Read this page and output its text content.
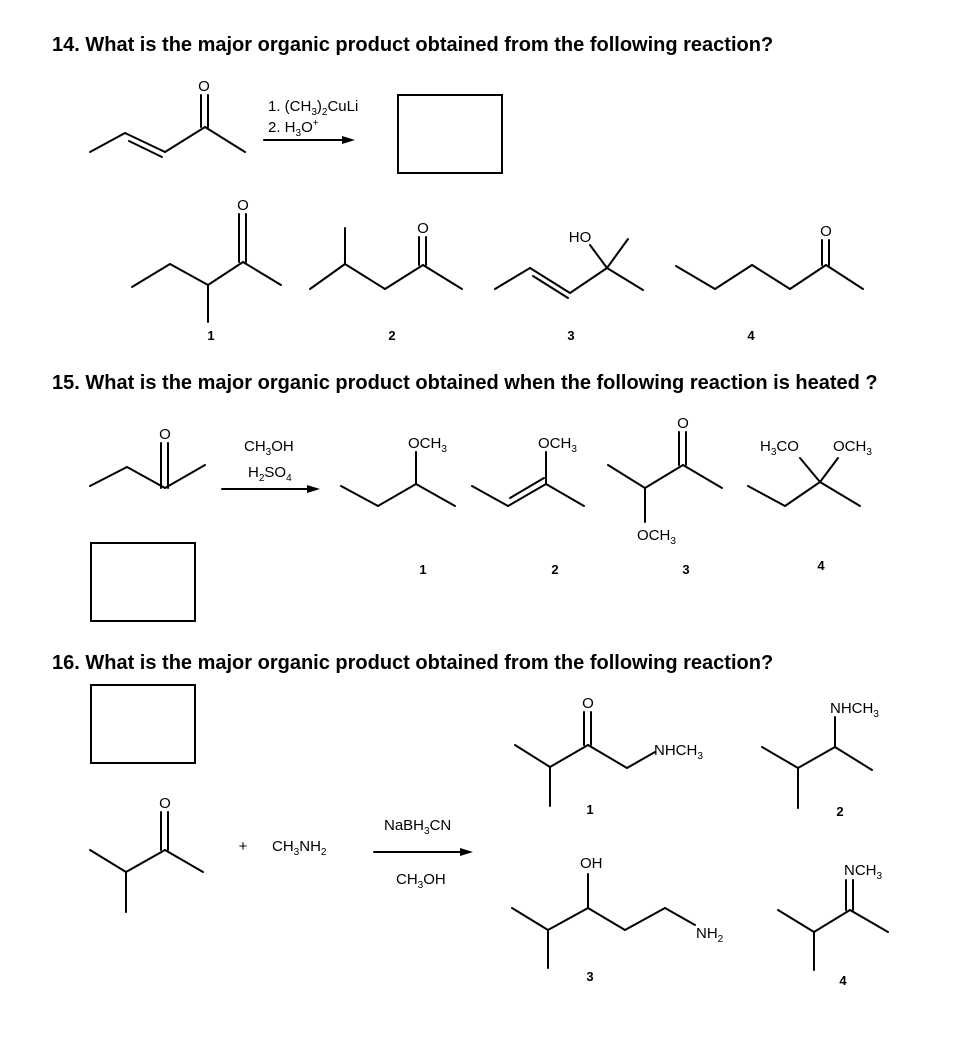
14. What is the major organic product obtained from the following reaction?
15. What is the major organic product obtained when the following reaction is heated ?
16. What is the major organic product obtained from the following reaction?
O
1. $(CH_3)_2CuLi$
2. $H_3O^+$
O
O
HO	O
1	2	3	4
O
$CH_3OH$
$H_2SO_4$
$OCH_3$	$OCH_3$
O
$OCH_3$
$H_3CO$ $OCH_3$
1	2	3	4
O
+ $CH_3NH_2$
NaBH$_3$CN
$CH_3OH$
O
$NHCH_3$
$NHCH_3$
OH
$NH_2$
$NCH_3$
1	2
3	4
